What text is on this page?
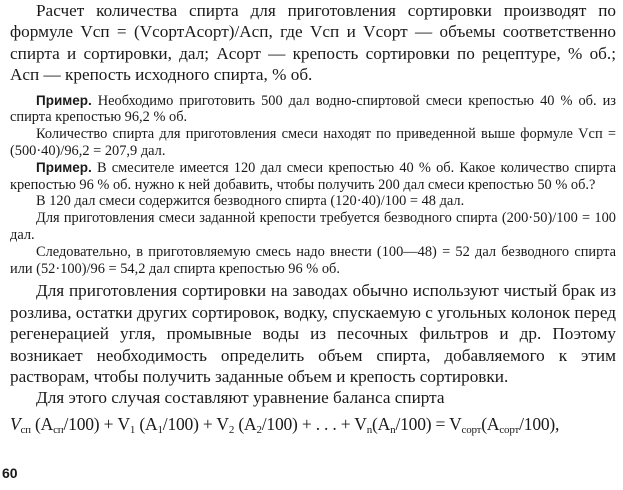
Расчет количества спирта для приготовления сортировки производят по формуле Vсп = (VсортAсорт)/Aсп, где Vсп и Vсорт — объемы соответственно спирта и сортировки, дал; Aсорт — крепость сортировки по рецептуре, % об.; Aсп — крепость исходного спирта, % об.

Пример. Необходимо приготовить 500 дал водно-спиртовой смеси крепостью 40 % об. из спирта крепостью 96,2 % об.

Количество спирта для приготовления смеси находят по приведенной выше формуле Vсп = (500·40)/96,2 = 207,9 дал.

Пример. В смесителе имеется 120 дал смеси крепостью 40 % об. Какое количество спирта крепостью 96 % об. нужно к ней добавить, чтобы получить 200 дал смеси крепостью 50 % об.?

В 120 дал смеси содержится безводного спирта (120·40)/100 = 48 дал.

Для приготовления смеси заданной крепости требуется безводного спирта (200·50)/100 = 100 дал.

Следовательно, в приготовляемую смесь надо внести (100—48) = 52 дал безводного спирта или (52·100)/96 = 54,2 дал спирта крепостью 96 % об.

Для приготовления сортировки на заводах обычно используют чистый брак из розлива, остатки других сортировок, водку, спускаемую с угольных колонок перед регенерацией угля, промывные воды из песочных фильтров и др. Поэтому возникает необходимость определить объем спирта, добавляемого к этим растворам, чтобы получить заданные объем и крепость сортировки.

Для этого случая составляют уравнение баланса спирта

$V_{сп}$ $(A_{сп}/100) + V_1$ $(A_1/100) + V_2$ $(A_2/100)$ + . . . + $V_n(A_n/100) = V_{сорт}(A_{сорт}/100)$,

60
